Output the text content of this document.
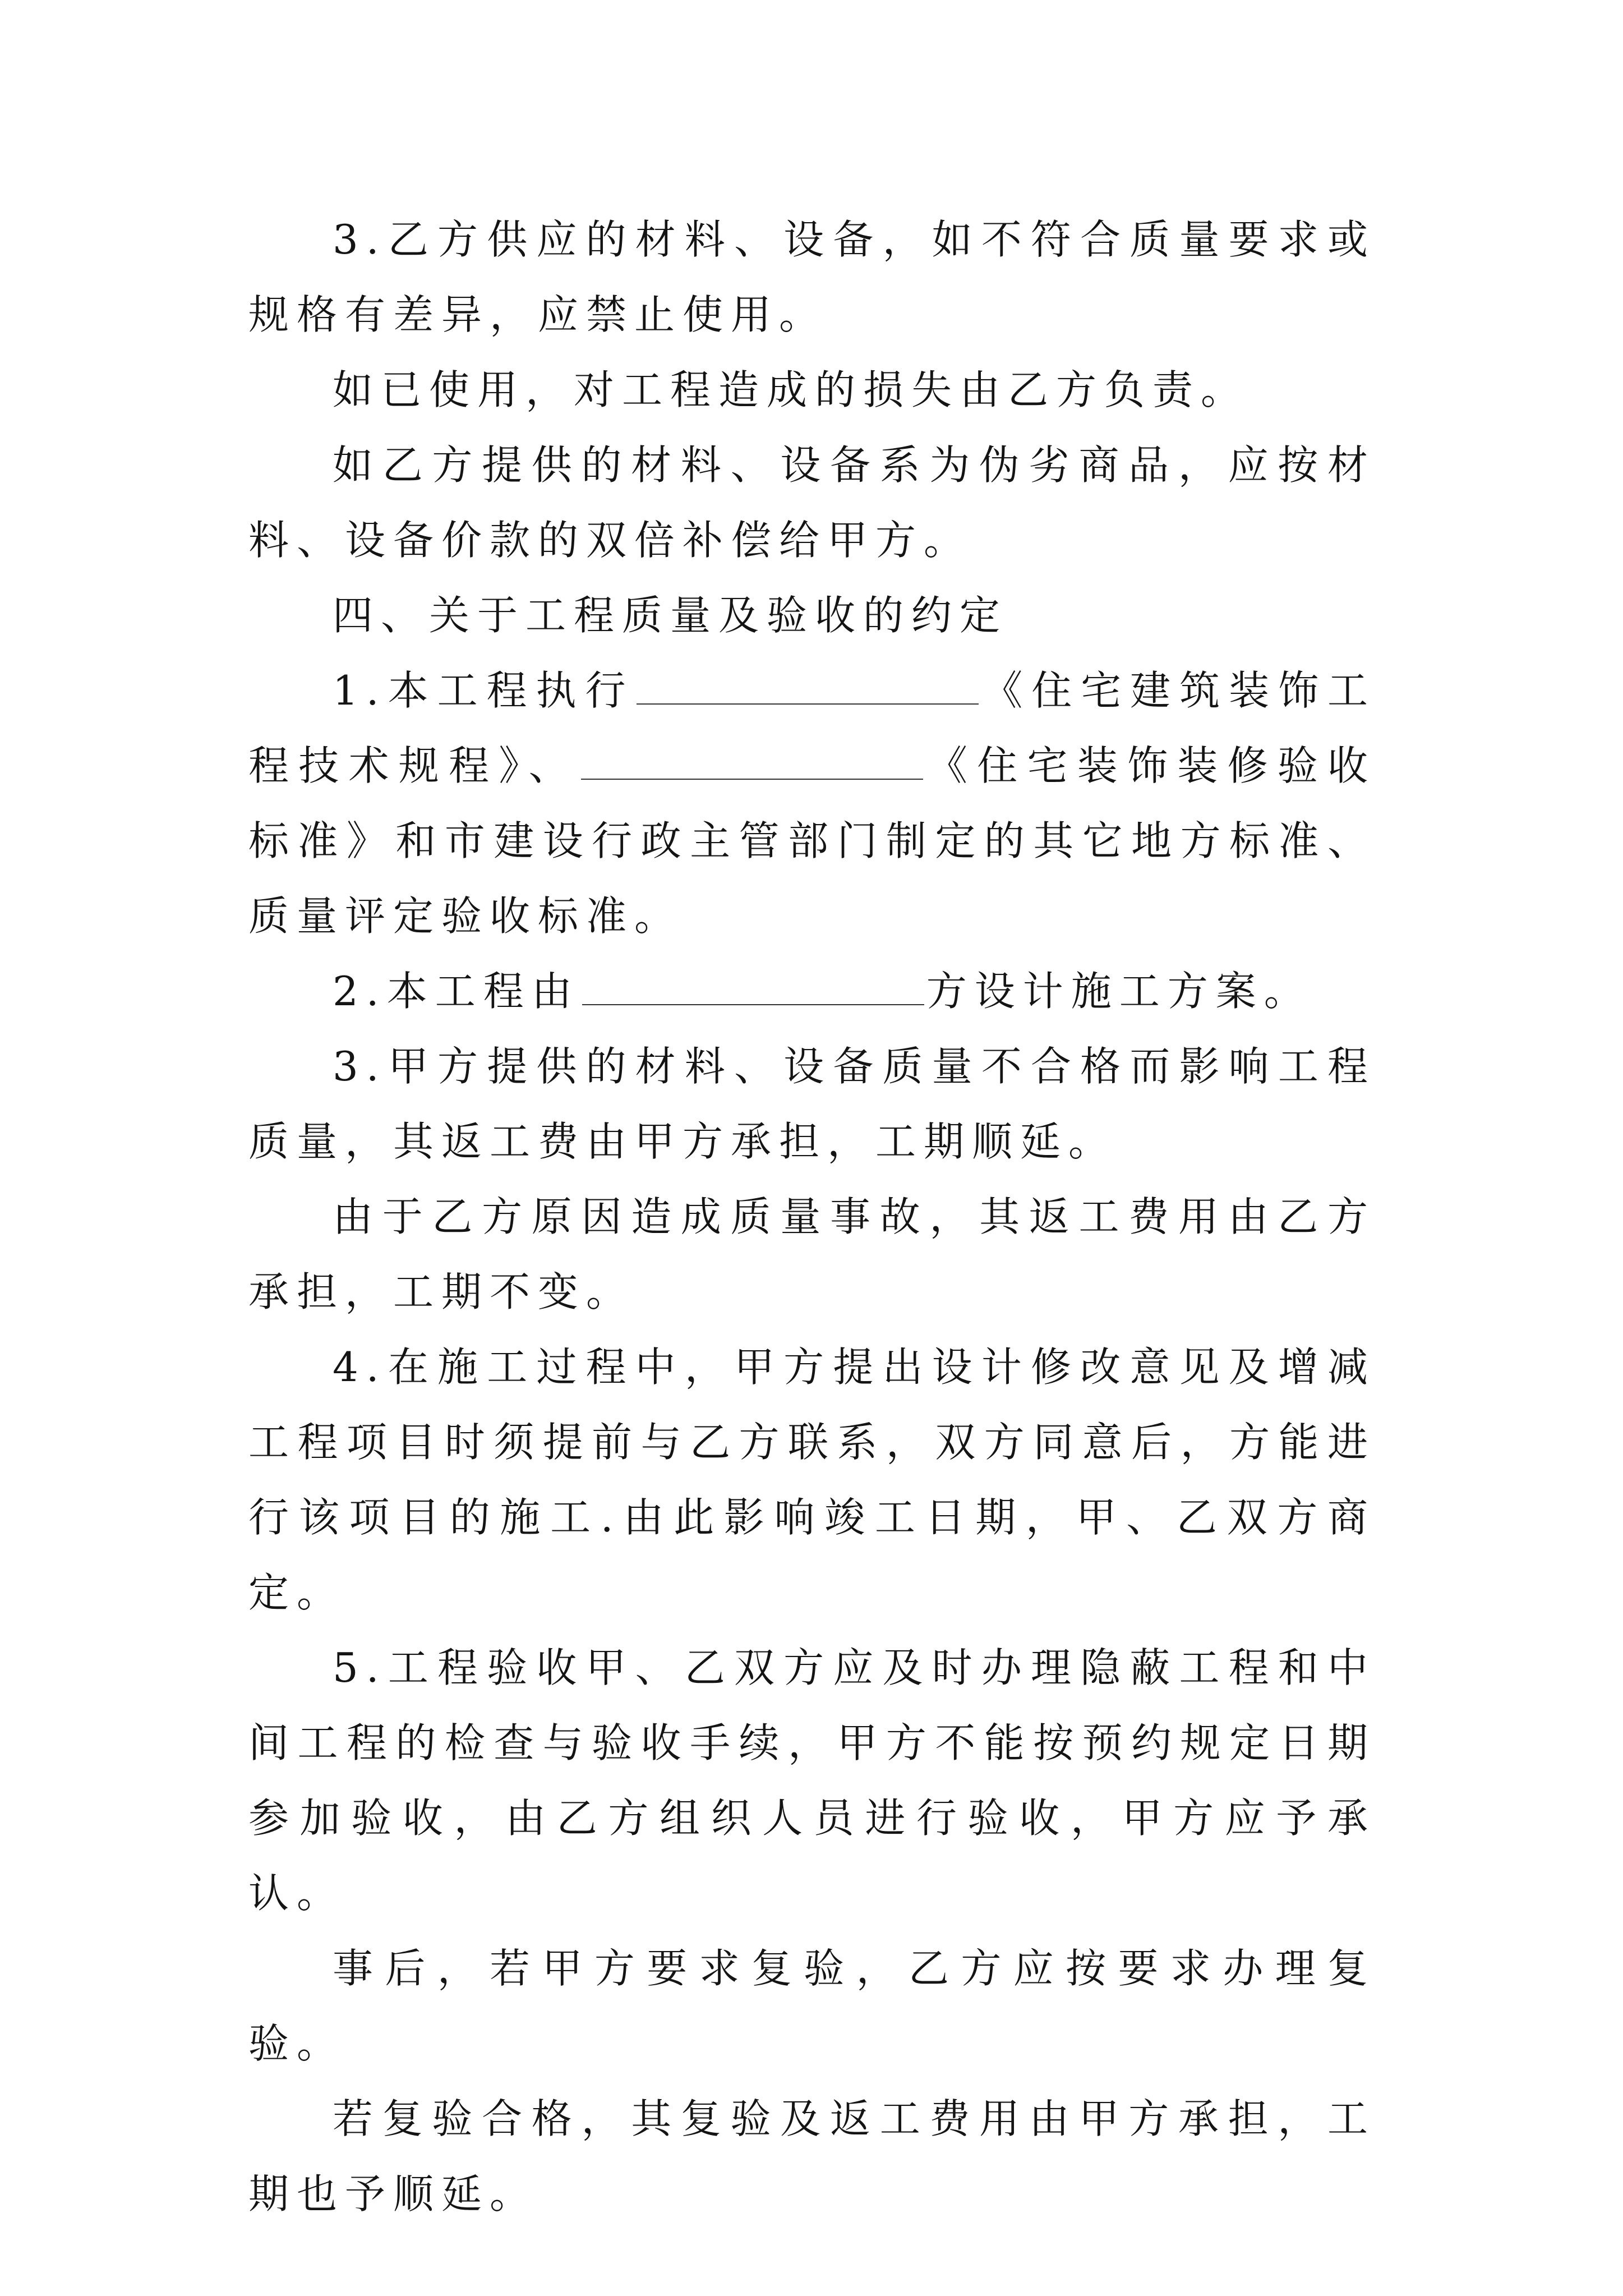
3.乙方供应的材料、设备，如不符合质量要求或规格有差异，应禁止使用。

如已使用，对工程造成的损失由乙方负责。

如乙方提供的材料、设备系为伪劣商品，应按材料、设备价款的双倍补偿给甲方。

四、关于工程质量及验收的约定

1.本工程执行	《住宅建筑装饰工程技术规程》、	《住宅装饰装修验收标准》和市建设行政主管部门制定的其它地方标准、质量评定验收标准。

2.本工程由	方设计施工方案。

3.甲方提供的材料、设备质量不合格而影响工程质量，其返工费由甲方承担，工期顺延。

由于乙方原因造成质量事故，其返工费用由乙方承担，工期不变。

4.在施工过程中，甲方提出设计修改意见及增减工程项目时须提前与乙方联系，双方同意后，方能进行该项目的施工.由此影响竣工日期，甲、乙双方商定。

5.工程验收甲、乙双方应及时办理隐蔽工程和中间工程的检查与验收手续，甲方不能按预约规定日期参加验收，由乙方组织人员进行验收，甲方应予承认。

事后，若甲方要求复验，乙方应按要求办理复验。

若复验合格，其复验及返工费用由甲方承担，工期也予顺延。
